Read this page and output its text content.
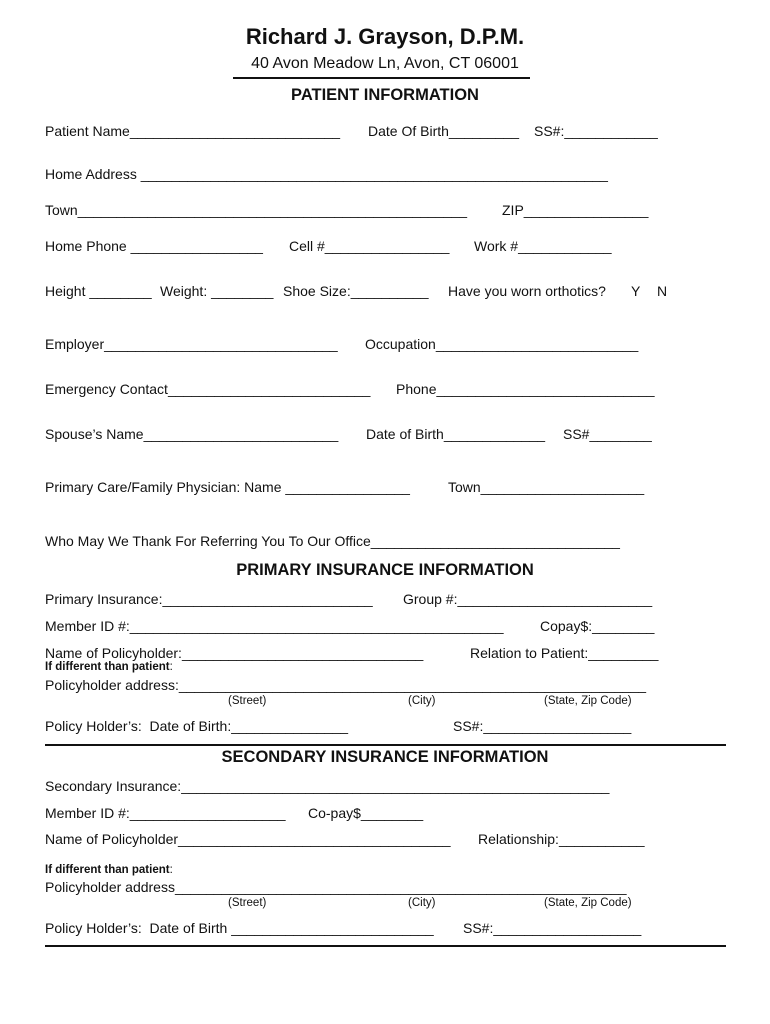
Richard J. Grayson, D.P.M.
40 Avon Meadow Ln, Avon, CT 06001
PATIENT INFORMATION
Patient Name___________________________ Date Of Birth_________ SS#:____________
Home Address ____________________________________________________________
Town__________________________________________________	ZIP________________
Home Phone _________________ Cell #________________ Work #____________
Height ________ Weight: ________ Shoe Size:__________ Have you worn orthotics? Y N
Employer______________________________ Occupation__________________________
Emergency Contact__________________________ Phone____________________________
Spouse’s Name_________________________ Date of Birth_____________ SS#________
Primary Care/Family Physician: Name ________________	Town_____________________
Who May We Thank For Referring You To Our Office________________________________
PRIMARY INSURANCE INFORMATION
Primary Insurance:___________________________ Group #:_________________________
Member ID #:________________________________________________	Copay$:________
Name of Policyholder:_______________________________	Relation to Patient:_________
If different than patient:
Policyholder address:____________________________________________________________
(Street)	(City)	(State, Zip Code)
Policy Holder’s:  Date of Birth:_______________	SS#:___________________
SECONDARY INSURANCE INFORMATION
Secondary Insurance:_______________________________________________________
Member ID #:____________________ Co-pay$________
Name of Policyholder___________________________________ Relationship:___________
If different than patient:
Policyholder address__________________________________________________________
(Street)	(City)	(State, Zip Code)
Policy Holder’s:  Date of Birth __________________________ SS#:___________________
